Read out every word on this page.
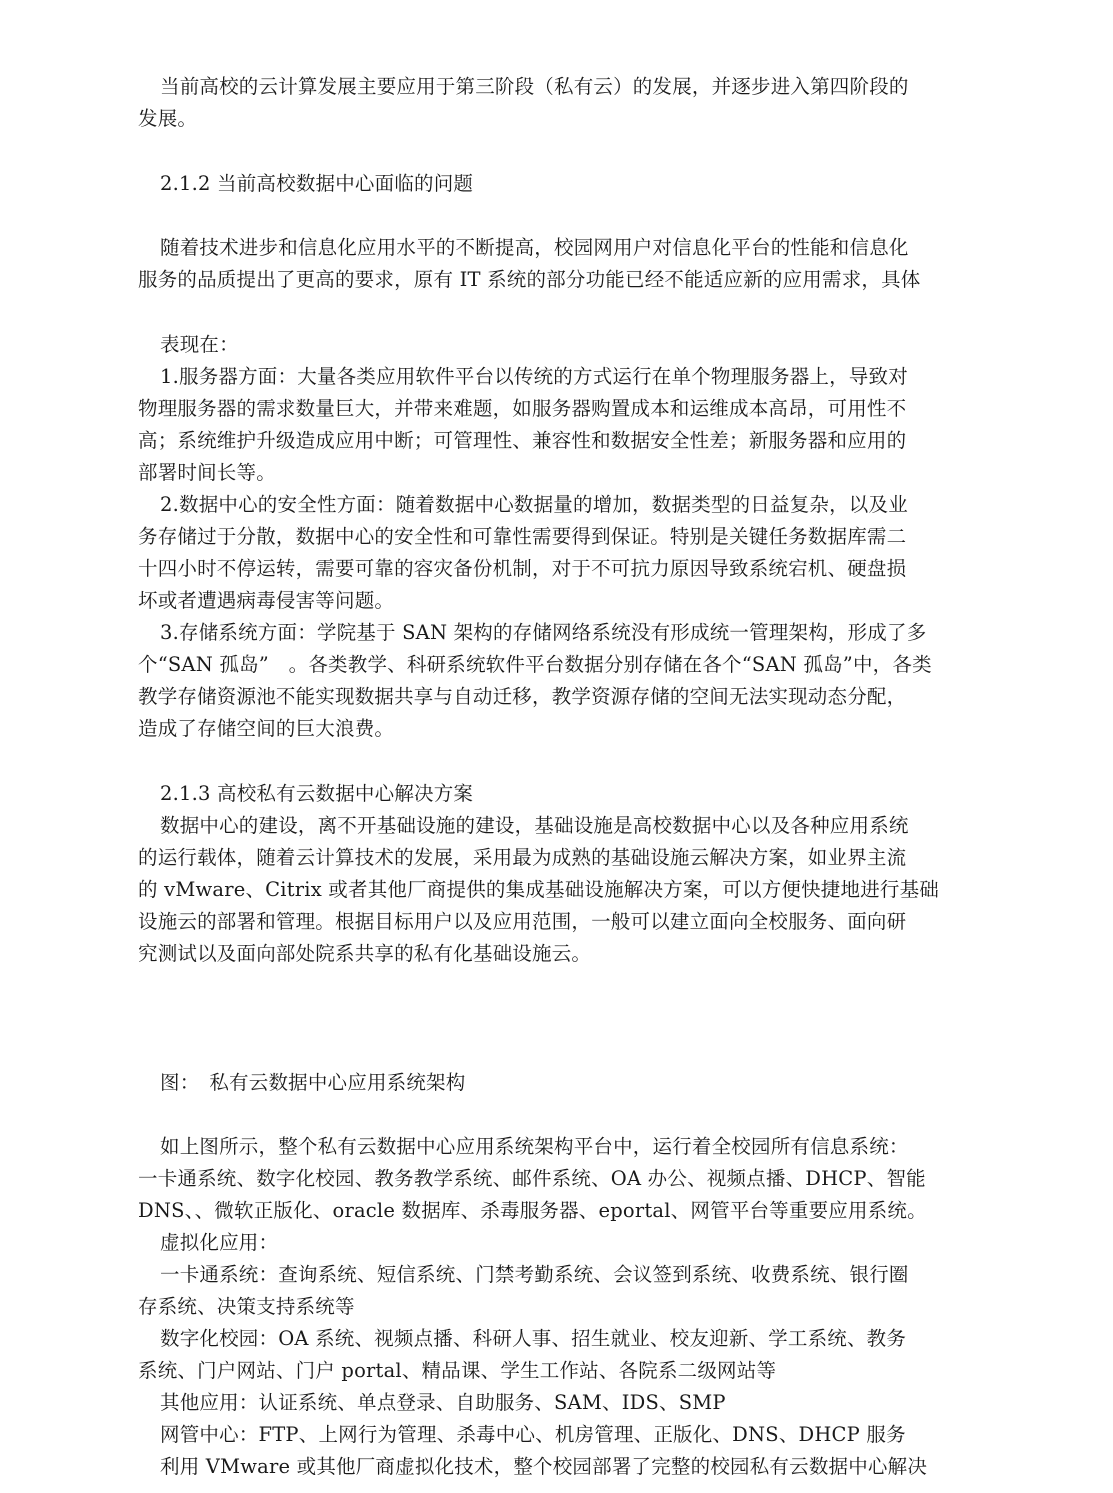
当前高校的云计算发展主要应用于第三阶段（私有云）的发展，并逐步进入第四阶段的
发展。
2.1.2 当前高校数据中心面临的问题
随着技术进步和信息化应用水平的不断提高，校园网用户对信息化平台的性能和信息化
服务的品质提出了更高的要求，原有 IT 系统的部分功能已经不能适应新的应用需求，具体
表现在：
1.服务器方面：大量各类应用软件平台以传统的方式运行在单个物理服务器上，导致对
物理服务器的需求数量巨大，并带来难题，如服务器购置成本和运维成本高昂，可用性不
高；系统维护升级造成应用中断；可管理性、兼容性和数据安全性差；新服务器和应用的
部署时间长等。
2.数据中心的安全性方面：随着数据中心数据量的增加，数据类型的日益复杂，以及业
务存储过于分散，数据中心的安全性和可靠性需要得到保证。特别是关键任务数据库需二
十四小时不停运转，需要可靠的容灾备份机制，对于不可抗力原因导致系统宕机、硬盘损
坏或者遭遇病毒侵害等问题。
3.存储系统方面：学院基于 SAN 架构的存储网络系统没有形成统一管理架构，形成了多
个“SAN 孤岛”　。各类教学、科研系统软件平台数据分别存储在各个“SAN 孤岛”中，各类
教学存储资源池不能实现数据共享与自动迁移，教学资源存储的空间无法实现动态分配，
造成了存储空间的巨大浪费。
2.1.3 高校私有云数据中心解决方案
数据中心的建设，离不开基础设施的建设，基础设施是高校数据中心以及各种应用系统
的运行载体，随着云计算技术的发展，采用最为成熟的基础设施云解决方案，如业界主流
的 vMware、Citrix 或者其他厂商提供的集成基础设施解决方案，可以方便快捷地进行基础
设施云的部署和管理。根据目标用户以及应用范围，一般可以建立面向全校服务、面向研
究测试以及面向部处院系共享的私有化基础设施云。
图：　私有云数据中心应用系统架构
如上图所示，整个私有云数据中心应用系统架构平台中，运行着全校园所有信息系统：
一卡通系统、数字化校园、教务教学系统、邮件系统、OA 办公、视频点播、DHCP、智能
DNS、、微软正版化、oracle 数据库、杀毒服务器、eportal、网管平台等重要应用系统。
虚拟化应用：
一卡通系统：查询系统、短信系统、门禁考勤系统、会议签到系统、收费系统、银行圈
存系统、决策支持系统等
数字化校园：OA 系统、视频点播、科研人事、招生就业、校友迎新、学工系统、教务
系统、门户网站、门户 portal、精品课、学生工作站、各院系二级网站等
其他应用：认证系统、单点登录、自助服务、SAM、IDS、SMP
网管中心：FTP、上网行为管理、杀毒中心、机房管理、正版化、DNS、DHCP 服务
利用 VMware 或其他厂商虚拟化技术，整个校园部署了完整的校园私有云数据中心解决
